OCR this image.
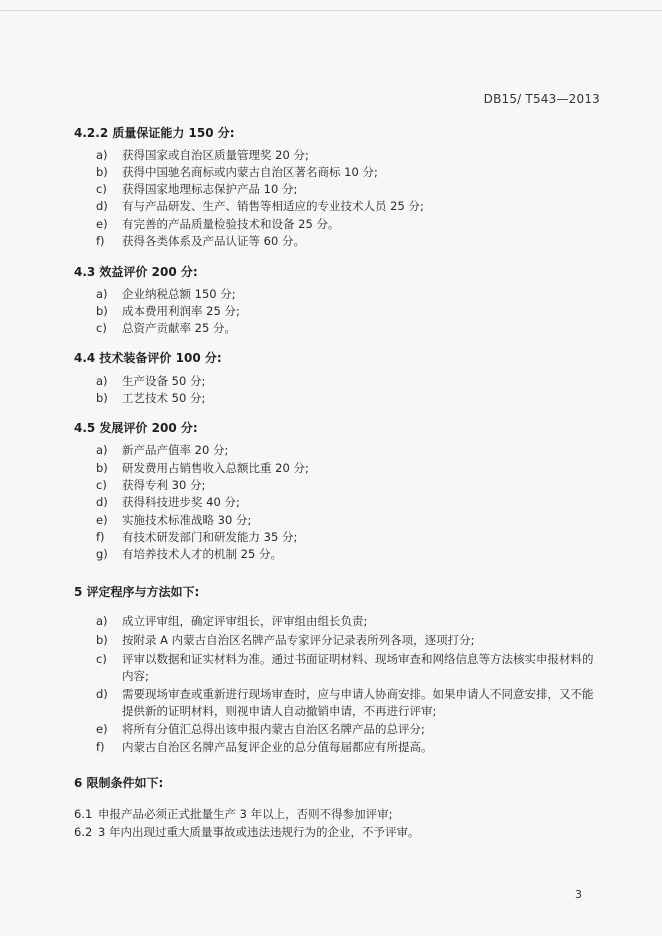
DB15/ T543—2013
4.2.2 质量保证能力 150 分:
a) 获得国家或自治区质量管理奖 20 分;
b) 获得中国驰名商标或内蒙古自治区著名商标 10 分;
c) 获得国家地理标志保护产品 10 分;
d) 有与产品研发、生产、销售等相适应的专业技术人员 25 分;
e) 有完善的产品质量检验技术和设备 25 分。
f) 获得各类体系及产品认证等 60 分。
4.3 效益评价 200 分:
a) 企业纳税总额 150 分;
b) 成本费用利润率 25 分;
c) 总资产贡献率 25 分。
4.4 技术装备评价 100 分:
a) 生产设备 50 分;
b) 工艺技术 50 分;
4.5 发展评价 200 分:
a) 新产品产值率 20 分;
b) 研发费用占销售收入总额比重 20 分;
c) 获得专利 30 分;
d) 获得科技进步奖 40 分;
e) 实施技术标准战略 30 分;
f) 有技术研发部门和研发能力 35 分;
g) 有培养技术人才的机制 25 分。
5 评定程序与方法如下:
a) 成立评审组，确定评审组长，评审组由组长负责;
b) 按附录 A 内蒙古自治区名牌产品专家评分记录表所列各项，逐项打分;
c) 评审以数据和证实材料为准。通过书面证明材料、现场审查和网络信息等方法核实申报材料的
内容;
d) 需要现场审查或重新进行现场审查时，应与申请人协商安排。如果申请人不同意安排，又不能
提供新的证明材料，则视申请人自动撤销申请，不再进行评审;
e) 将所有分值汇总得出该申报内蒙古自治区名牌产品的总评分;
f) 内蒙古自治区名牌产品复评企业的总分值每届都应有所提高。
6 限制条件如下:
6.1 申报产品必须正式批量生产 3 年以上，否则不得参加评审;
6.2 3 年内出现过重大质量事故或违法违规行为的企业，不予评审。
3
